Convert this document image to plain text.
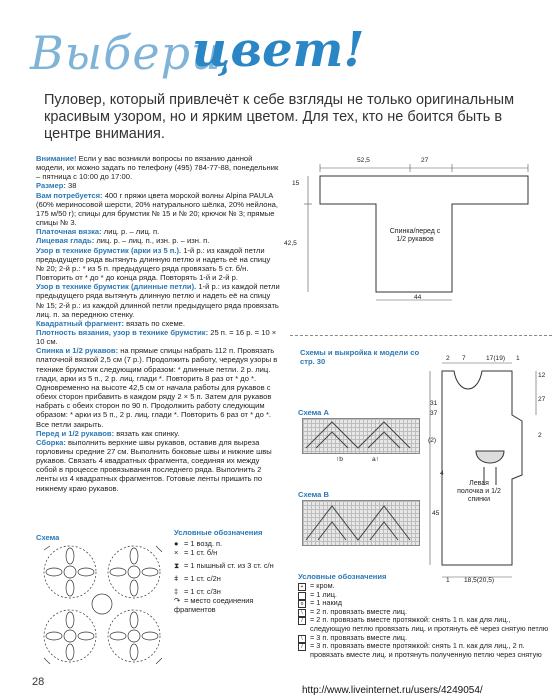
Выбери
цвет!
Пуловер, который привлечёт к себе взгляды не только оригинальным красивым узором, но и ярким цветом. Для тех, кто не боится быть в центре внимания.

Внимание! Если у вас возникли вопросы по вязанию данной модели, их можно задать по телефону (495) 784-77-88, понедельник – пятница с 10:00 до 17:00.

Размер: 38

Вам потребуется: 400 г пряжи цвета морской волны Alpina PAULA (60% мериносовой шерсти, 20% натурального шёлка, 20% нейлона, 175 м/50 г); спицы для брумстик № 15 и № 20; крючок № 3; прямые спицы № 3.

Платочная вязка: лиц. р. – лиц. п.

Лицевая гладь: лиц. р. – лиц. п., изн. р. – изн. п.

Узор в технике брумстик (арки из 5 п.). 1-й р.: из каждой петли предыдущего ряда вытянуть длинную петлю и надеть её на спицу № 20; 2-й р.: * из 5 п. предыдущего ряда провязать 5 ст. б/н. Повторить от * до * до конца ряда. Повторять 1-й и 2-й р.

Узор в технике брумстик (длинные петли). 1-й р.: из каждой петли предыдущего ряда вытянуть длинную петлю и надеть её на спицу № 15; 2-й р.: из каждой длинной петли предыдущего ряда провязать лиц. п. за переднюю стенку.

Квадратный фрагмент: вязать по схеме.

Плотность вязания, узор в технике брумстик: 25 п. = 16 р. = 10 × 10 см.

Спинка и 1/2 рукавов: на прямые спицы набрать 112 п. Провязать платочной вязкой 2,5 см (7 р.). Продолжить работу, чередуя узоры в технике брумстик следующим образом: * длинные петли. 2 р. лиц. глади, арки из 5 п., 2 р. лиц. глади *. Повторить 8 раз от * до *. Одновременно на высоте 42,5 см от начала работы для рукавов с обеих сторон прибавить в каждом ряду 2 × 5 п. Затем для рукавов набрать с обеих сторон по 90 п. Продолжить работу следующим образом: * арки из 5 п., 2 р. лиц. глади *. Повторить 6 раз от * до *. Все петли закрыть.

Перед и 1/2 рукавов: вязать как спинку.

Сборка: выполнить верхние швы рукавов, оставив для выреза горловины средние 27 см. Выполнить боковые швы и нижние швы рукавов. Связать 4 квадратных фрагмента, соединяя их между собой в процессе провязывания последнего ряда. Выполнить 2 ленты из 4 квадратных фрагментов. Готовые ленты пришить по нижнему краю рукавов.

Схема
Условные обозначения
● = 1 возд. п.
× = 1 ст. б/н
⧗ = 1 пышный ст. из 3 ст. с/н
ǂ = 1 ст. с/2н
‡ = 1 ст. с/3н
↷ = место соединения фрагментов
52,5	27
15
42,5
44
Спинка/перед с 1/2 рукавов
Схемы и выкройка к модели со стр. 30
Схема А
↑b	a↑
Схема В
Левая полочка и 1/2 спинки
2 7	17(19) 1
31
37
(2)
4
45
1 18,5(20,5)
12
27
2
Условные обозначения
+ = кром.
= 1 лиц.
o = 1 накид
\	= 2 п. провязать вместе лиц.
/	= 2 п. провязать вместе протяжкой: снять 1 п. как для лиц., следующую петлю провязать лиц. и протянуть её через снятую петлю
\	= 3 п. провязать вместе лиц.
/	= 3 п. провязать вместе протяжкой: снять 1 п. как для лиц., 2 п. провязать вместе лиц. и протянуть полученную петлю через снятую
28
http://www.liveinternet.ru/users/4249054/
